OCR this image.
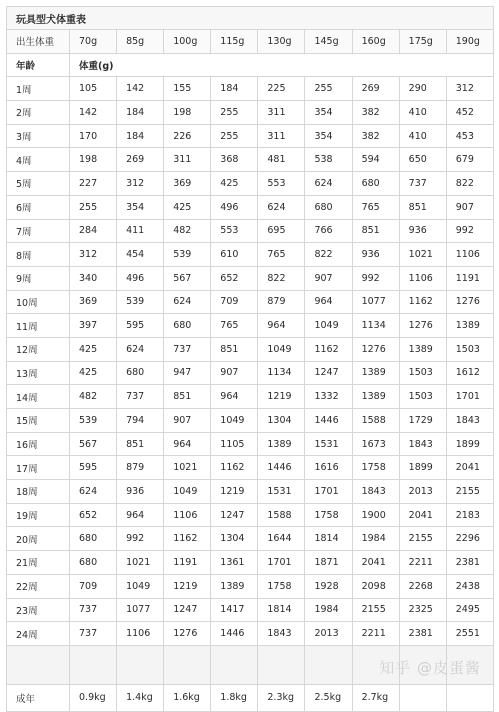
玩具型犬体重表									
出生体重	70g	85g	100g	115g	130g	145g	160g	175g	190g
年龄	体重(g)								
1周	105	142	155	184	225	255	269	290	312
2周	142	184	198	255	311	354	382	410	452
3周	170	184	226	255	311	354	382	410	453
4周	198	269	311	368	481	538	594	650	679
5周	227	312	369	425	553	624	680	737	822
6周	255	354	425	496	624	680	765	851	907
7周	284	411	482	553	695	766	851	936	992
8周	312	454	539	610	765	822	936	1021	1106
9周	340	496	567	652	822	907	992	1106	1191
10周	369	539	624	709	879	964	1077	1162	1276
11周	397	595	680	765	964	1049	1134	1276	1389
12周	425	624	737	851	1049	1162	1276	1389	1503
13周	425	680	947	907	1134	1247	1389	1503	1612
14周	482	737	851	964	1219	1332	1389	1503	1701
15周	539	794	907	1049	1304	1446	1588	1729	1843
16周	567	851	964	1105	1389	1531	1673	1843	1899
17周	595	879	1021	1162	1446	1616	1758	1899	2041
18周	624	936	1049	1219	1531	1701	1843	2013	2155
19周	652	964	1106	1247	1588	1758	1900	2041	2183
20周	680	992	1162	1304	1644	1814	1984	2155	2296
21周	680	1021	1191	1361	1701	1871	2041	2211	2381
22周	709	1049	1219	1389	1758	1928	2098	2268	2438
23周	737	1077	1247	1417	1814	1984	2155	2325	2495
24周	737	1106	1276	1446	1843	2013	2211	2381	2551

成年	0.9kg	1.4kg	1.6kg	1.8kg	2.3kg	2.5kg	2.7kg		
知乎 @皮蛋酱
